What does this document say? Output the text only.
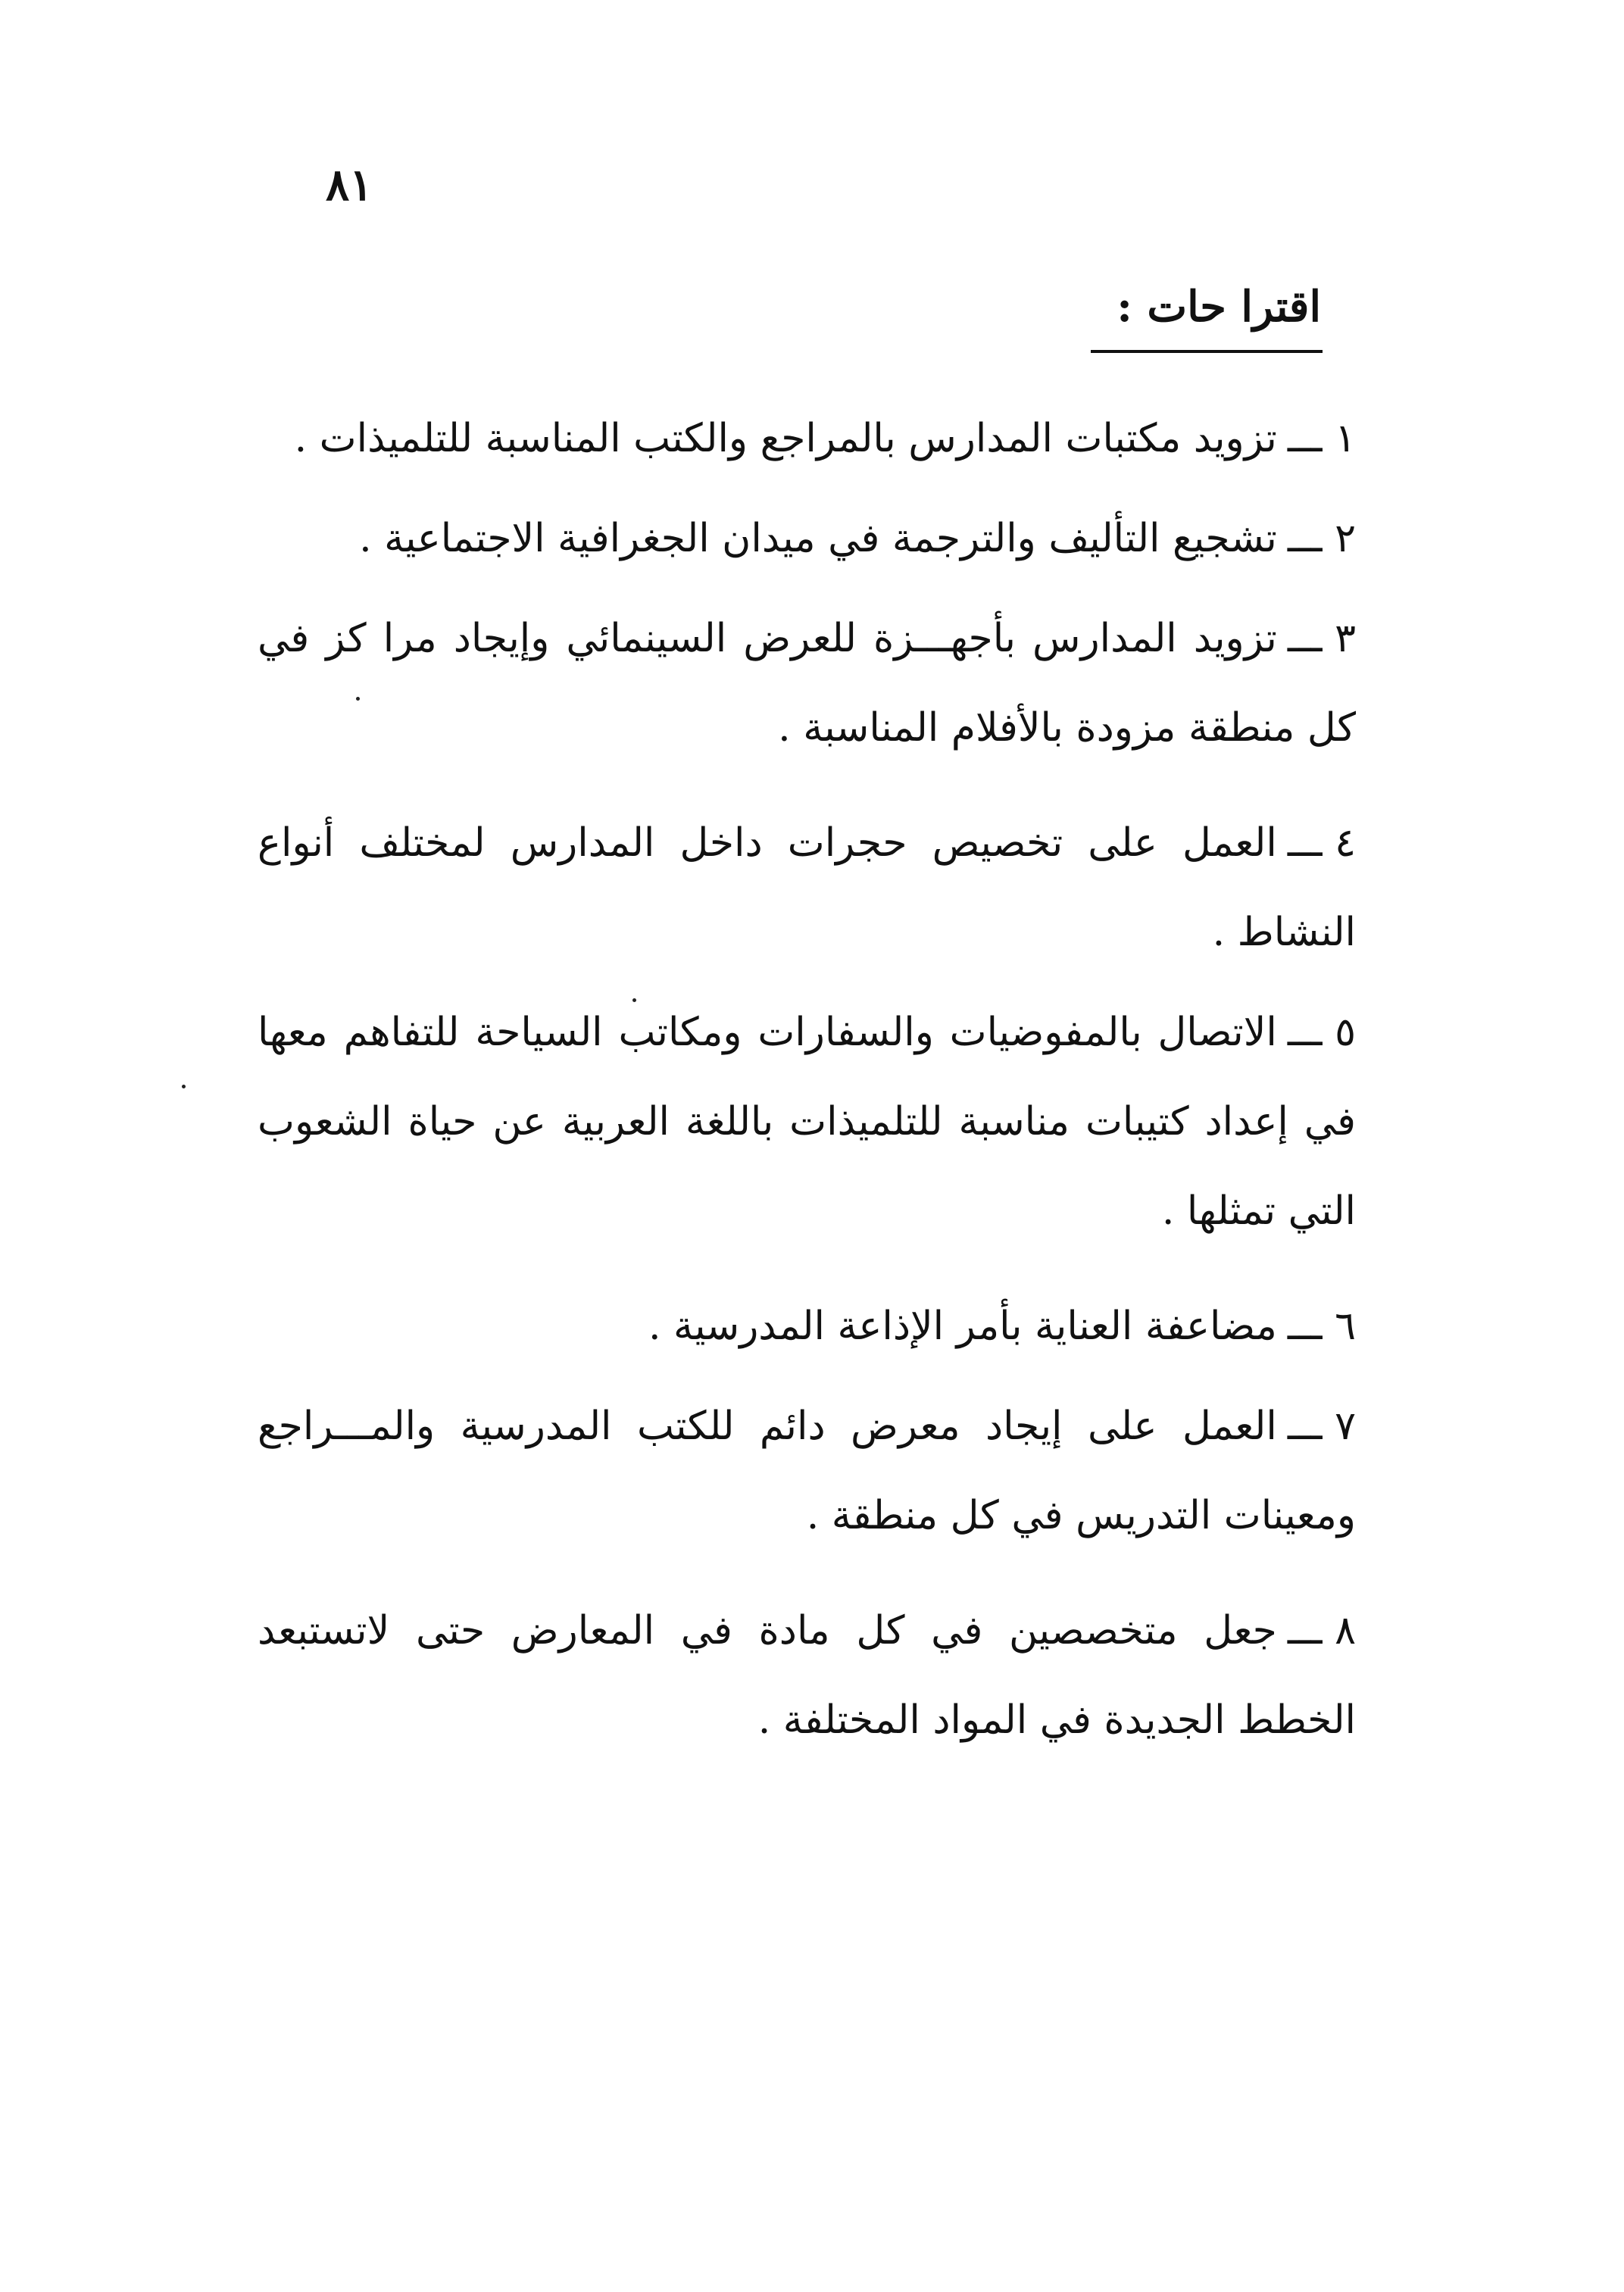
٨١
اقترا حات :
١ ـــتزويد مكتبات المدارس بالمراجع والكتب المناسبة للتلميذات .
٢ ـــتشجيع التأليف والترجمة في ميدان الجغرافية الاجتماعية .
٣ ـــتزويد المدارس بأجهـــزة للعرض السينمائي وإيجاد مرا كز في كل منطقة مزودة بالأفلام المناسبة .
٤ ـــالعمل على تخصيص حجرات داخل المدارس لمختلف أنواع النشاط .
٥ ـــالاتصال بالمفوضيات والسفارات ومكاتب السياحة للتفاهم معها في إعداد كتيبات مناسبة للتلميذات باللغة العربية عن حياة الشعوب التي تمثلها .
٦ ـــمضاعفة العناية بأمر الإذاعة المدرسية .
٧ ـــالعمل على إيجاد معرض دائم للكتب المدرسية والمـــراجع ومعينات التدريس في كل منطقة .
٨ ـــجعل متخصصين في كل مادة في المعارض حتى لاتستبعد الخطط الجديدة في المواد المختلفة .
